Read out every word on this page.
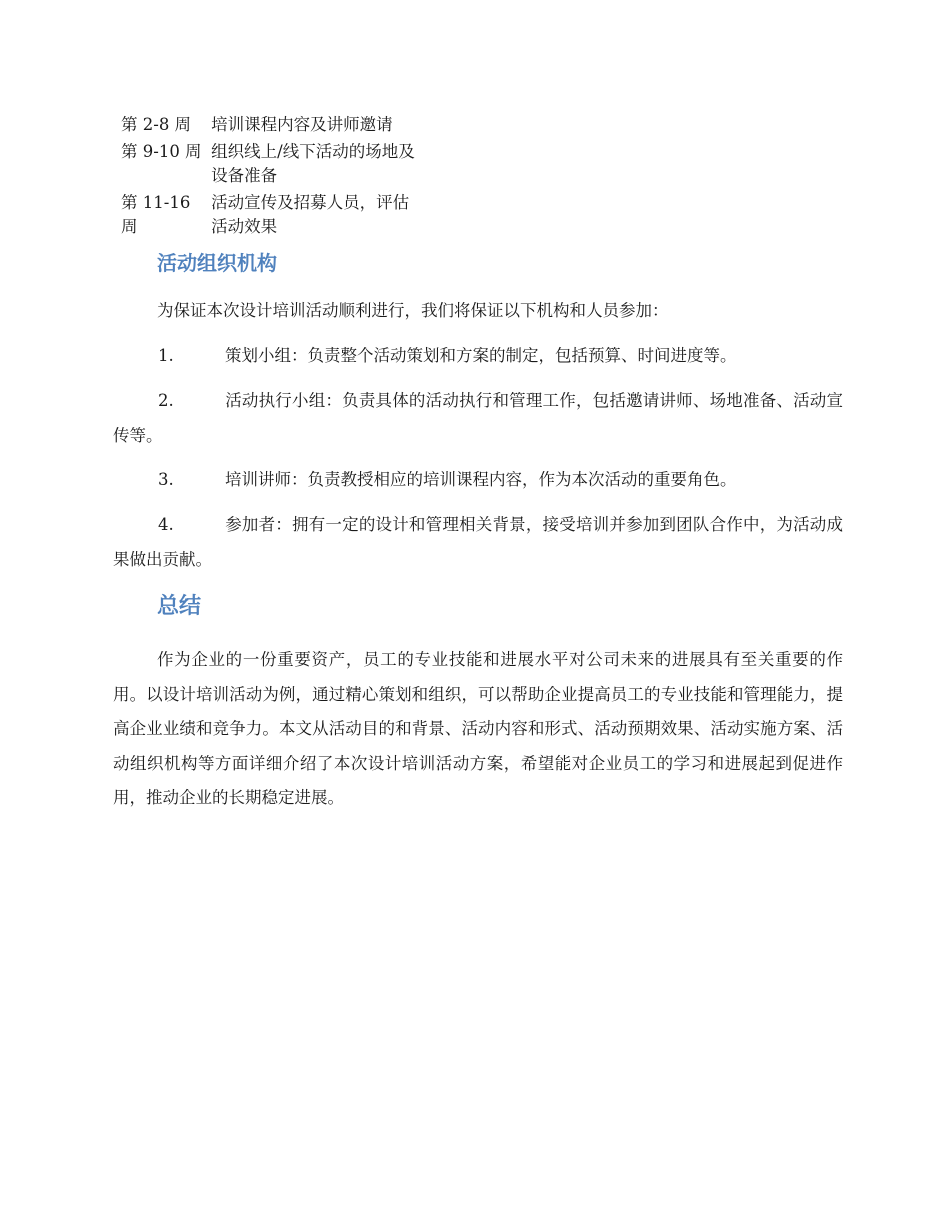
第 2-8 周	培训课程内容及讲师邀请
第 9-10 周	组织线上/线下活动的场地及设备准备
第 11-16 周	活动宣传及招募人员，评估活动效果
活动组织机构

为保证本次设计培训活动顺利进行，我们将保证以下机构和人员参加：

1.	策划小组：负责整个活动策划和方案的制定，包括预算、时间进度等。

2.	活动执行小组：负责具体的活动执行和管理工作，包括邀请讲师、场地准备、活动宣传等。

3.	培训讲师：负责教授相应的培训课程内容，作为本次活动的重要角色。

4.	参加者：拥有一定的设计和管理相关背景，接受培训并参加到团队合作中，为活动成果做出贡献。

总结

作为企业的一份重要资产，员工的专业技能和进展水平对公司未来的进展具有至关重要的作用。以设计培训活动为例，通过精心策划和组织，可以帮助企业提高员工的专业技能和管理能力，提高企业业绩和竞争力。本文从活动目的和背景、活动内容和形式、活动预期效果、活动实施方案、活动组织机构等方面详细介绍了本次设计培训活动方案，希望能对企业员工的学习和进展起到促进作用，推动企业的长期稳定进展。
